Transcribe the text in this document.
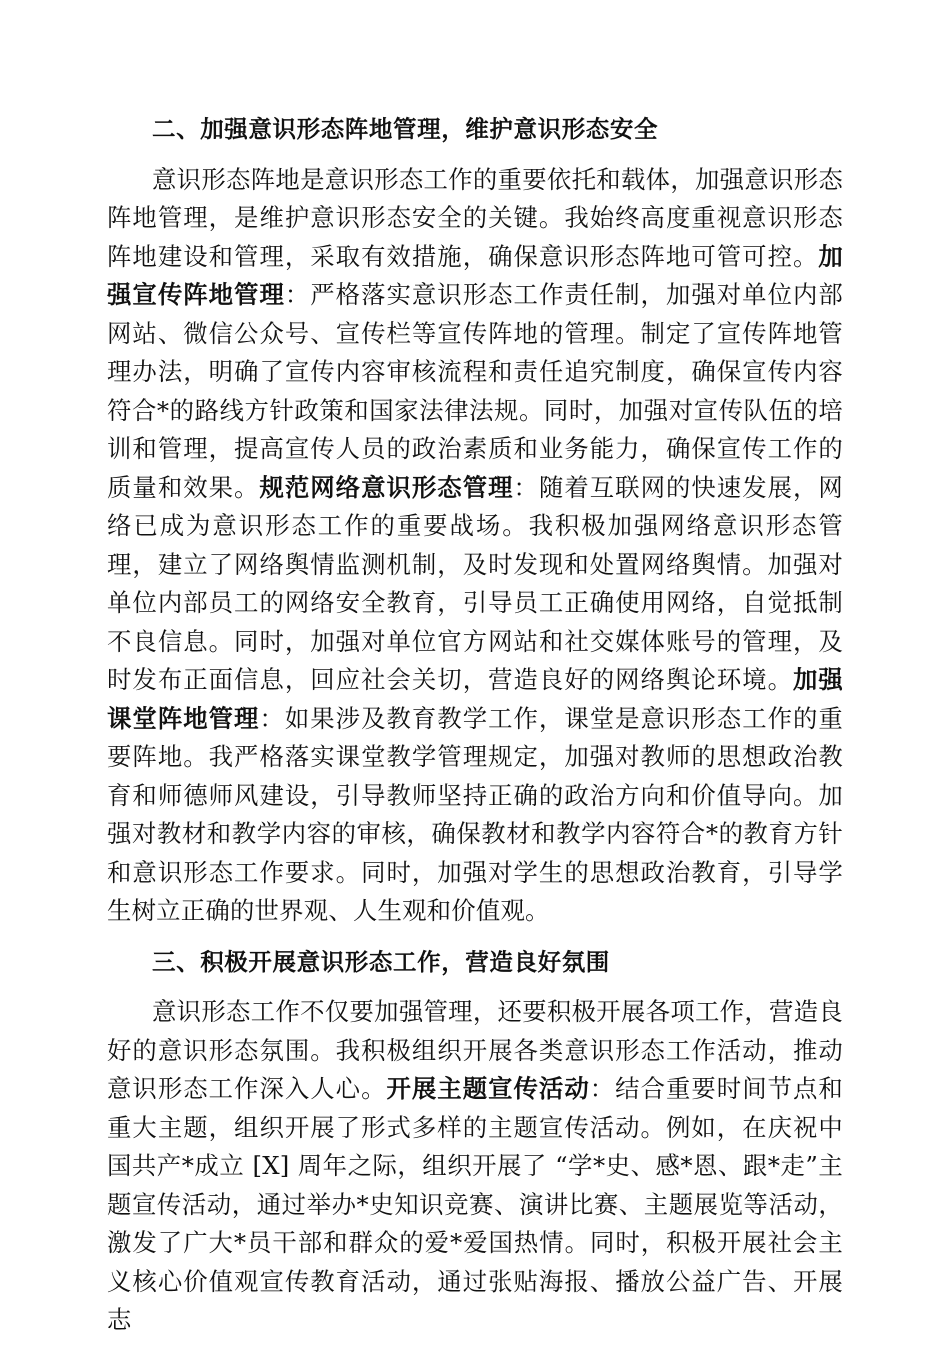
二、加强意识形态阵地管理，维护意识形态安全

意识形态阵地是意识形态工作的重要依托和载体，加强意识形态阵地管理，是维护意识形态安全的关键。我始终高度重视意识形态阵地建设和管理，采取有效措施，确保意识形态阵地可管可控。加强宣传阵地管理：严格落实意识形态工作责任制，加强对单位内部网站、微信公众号、宣传栏等宣传阵地的管理。制定了宣传阵地管理办法，明确了宣传内容审核流程和责任追究制度，确保宣传内容符合*的路线方针政策和国家法律法规。同时，加强对宣传队伍的培训和管理，提高宣传人员的政治素质和业务能力，确保宣传工作的质量和效果。规范网络意识形态管理：随着互联网的快速发展，网络已成为意识形态工作的重要战场。我积极加强网络意识形态管理，建立了网络舆情监测机制，及时发现和处置网络舆情。加强对单位内部员工的网络安全教育，引导员工正确使用网络，自觉抵制不良信息。同时，加强对单位官方网站和社交媒体账号的管理，及时发布正面信息，回应社会关切，营造良好的网络舆论环境。加强课堂阵地管理：如果涉及教育教学工作，课堂是意识形态工作的重要阵地。我严格落实课堂教学管理规定，加强对教师的思想政治教育和师德师风建设，引导教师坚持正确的政治方向和价值导向。加强对教材和教学内容的审核，确保教材和教学内容符合*的教育方针和意识形态工作要求。同时，加强对学生的思想政治教育，引导学生树立正确的世界观、人生观和价值观。

三、积极开展意识形态工作，营造良好氛围

意识形态工作不仅要加强管理，还要积极开展各项工作，营造良好的意识形态氛围。我积极组织开展各类意识形态工作活动，推动意识形态工作深入人心。开展主题宣传活动：结合重要时间节点和重大主题，组织开展了形式多样的主题宣传活动。例如，在庆祝中国共产*成立 [X] 周年之际，组织开展了 “学*史、感*恩、跟*走”主题宣传活动，通过举办*史知识竞赛、演讲比赛、主题展览等活动，激发了广大*员干部和群众的爱*爱国热情。同时，积极开展社会主义核心价值观宣传教育活动，通过张贴海报、播放公益广告、开展志
